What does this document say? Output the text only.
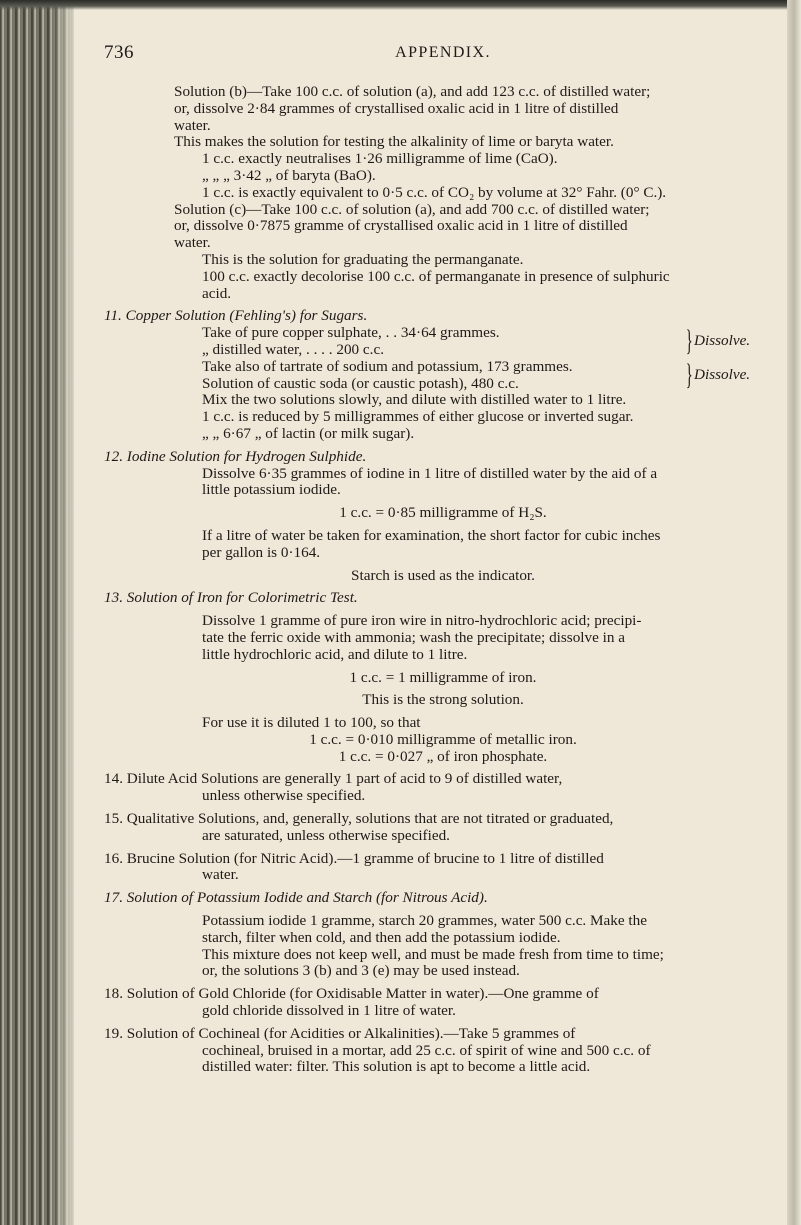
736	APPENDIX.

Solution (b)—Take 100 c.c. of solution (a), and add 123 c.c. of distilled water;

or, dissolve 2·84 grammes of crystallised oxalic acid in 1 litre of distilled

water.

This makes the solution for testing the alkalinity of lime or baryta water.

1 c.c. exactly neutralises 1·26 milligramme of lime (CaO).

„ „ „ 3·42 „ of baryta (BaO).

1 c.c. is exactly equivalent to 0·5 c.c. of CO₂ by volume at 32° Fahr. (0° C.).

Solution (c)—Take 100 c.c. of solution (a), and add 700 c.c. of distilled water;

or, dissolve 0·7875 gramme of crystallised oxalic acid in 1 litre of distilled

water.

This is the solution for graduating the permanganate.

100 c.c. exactly decolorise 100 c.c. of permanganate in presence of sulphuric

acid.

11. Copper Solution (Fehling's) for Sugars.

Take of pure copper sulphate, . . 34·64 grammes.

„ distilled water, . . . . 200 c.c.	} Dissolve.

Take also of tartrate of sodium and potassium, 173 grammes.

Solution of caustic soda (or caustic potash), 480 c.c.	} Dissolve.

Mix the two solutions slowly, and dilute with distilled water to 1 litre.

1 c.c. is reduced by 5 milligrammes of either glucose or inverted sugar.

„ „ 6·67 „ of lactin (or milk sugar).

12. Iodine Solution for Hydrogen Sulphide.

Dissolve 6·35 grammes of iodine in 1 litre of distilled water by the aid of a

little potassium iodide.

1 c.c. = 0·85 milligramme of H₂S.

If a litre of water be taken for examination, the short factor for cubic inches

per gallon is 0·164.

Starch is used as the indicator.

13. Solution of Iron for Colorimetric Test.

Dissolve 1 gramme of pure iron wire in nitro-hydrochloric acid; precipi-

tate the ferric oxide with ammonia; wash the precipitate; dissolve in a

little hydrochloric acid, and dilute to 1 litre.

1 c.c. = 1 milligramme of iron.

This is the strong solution.

For use it is diluted 1 to 100, so that

1 c.c. = 0·010 milligramme of metallic iron.

1 c.c. = 0·027 „ of iron phosphate.

14. Dilute Acid Solutions are generally 1 part of acid to 9 of distilled water,

unless otherwise specified.

15. Qualitative Solutions, and, generally, solutions that are not titrated or graduated,

are saturated, unless otherwise specified.

16. Brucine Solution (for Nitric Acid).—1 gramme of brucine to 1 litre of distilled

water.

17. Solution of Potassium Iodide and Starch (for Nitrous Acid).

Potassium iodide 1 gramme, starch 20 grammes, water 500 c.c. Make the

starch, filter when cold, and then add the potassium iodide.

This mixture does not keep well, and must be made fresh from time to time;

or, the solutions 3 (b) and 3 (e) may be used instead.

18. Solution of Gold Chloride (for Oxidisable Matter in water).—One gramme of

gold chloride dissolved in 1 litre of water.

19. Solution of Cochineal (for Acidities or Alkalinities).—Take 5 grammes of

cochineal, bruised in a mortar, add 25 c.c. of spirit of wine and 500 c.c. of

distilled water: filter. This solution is apt to become a little acid.
